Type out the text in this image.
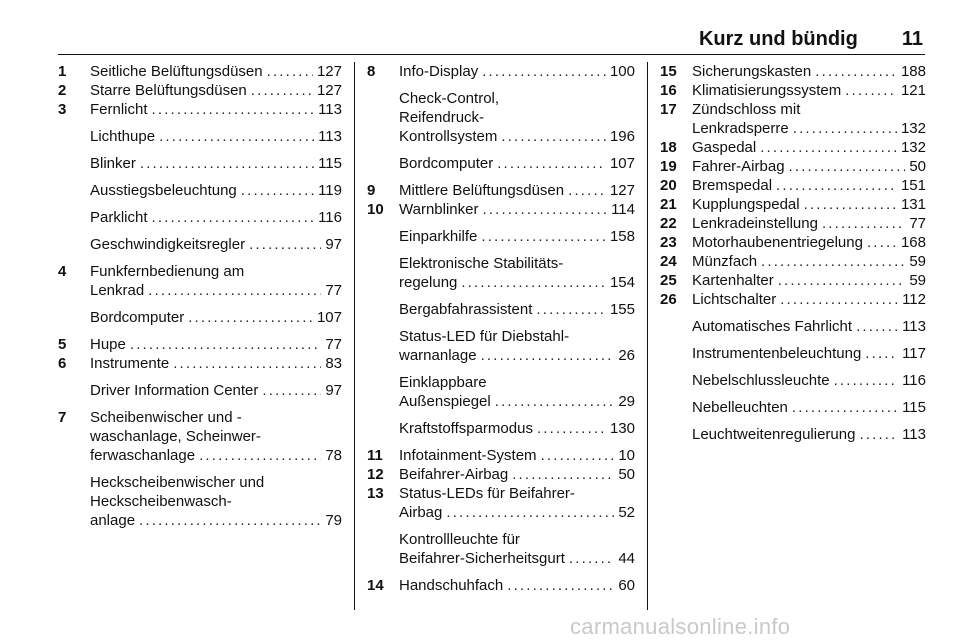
Kurz und bündig 11
1	Seitliche Belüftungsdüsen . . .	127
2	Starre Belüftungsdüsen . . .	127
3	Fernlicht . . .	113
Lichthupe . . .	113
Blinker . . .	115
Ausstiegsbeleuchtung . . .	119
Parklicht . . .	116
Geschwindigkeitsregler . . .	97
4	Funkfernbedienung am
Lenkrad . . .	77
Bordcomputer . . .	107
5	Hupe . . .	77
6	Instrumente . . .	83
Driver Information Center . . .	97
7	Scheibenwischer und -
waschanlage, Scheinwer-
ferwaschanlage . . .	78
Heckscheibenwischer und
Heckscheibenwasch-
anlage . . .	79
8	Info-Display . . .	100
Check-Control,
Reifendruck-
Kontrollsystem . . .	196
Bordcomputer . . .	107
9	Mittlere Belüftungsdüsen . . .	127
10	Warnblinker . . .	114
Einparkhilfe . . .	158
Elektronische Stabilitäts-
regelung . . .	154
Bergabfahrassistent . . .	155
Status-LED für Diebstahl-
warnanlage . . .	26
Einklappbare
Außenspiegel . . .	29
Kraftstoffsparmodus . . .	130
11	Infotainment-System . . .	10
12	Beifahrer-Airbag . . .	50
13	Status-LEDs für Beifahrer-
Airbag . . .	52
Kontrollleuchte für
Beifahrer-Sicherheitsgurt . . .	44
14	Handschuhfach . . .	60
15	Sicherungskasten . . .	188
16	Klimatisierungssystem . . .	121
17	Zündschloss mit
Lenkradsperre . . .	132
18	Gaspedal . . .	132
19	Fahrer-Airbag . . .	50
20	Bremspedal . . .	151
21	Kupplungspedal . . .	131
22	Lenkradeinstellung . . .	77
23	Motorhaubenentriegelung . . .	168
24	Münzfach . . .	59
25	Kartenhalter . . .	59
26	Lichtschalter . . .	112
Automatisches Fahrlicht . . .	113
Instrumentenbeleuchtung . . .	117
Nebelschlussleuchte . . .	116
Nebelleuchten . . .	115
Leuchtweitenregulierung . . .	113
carmanualsonline.info
